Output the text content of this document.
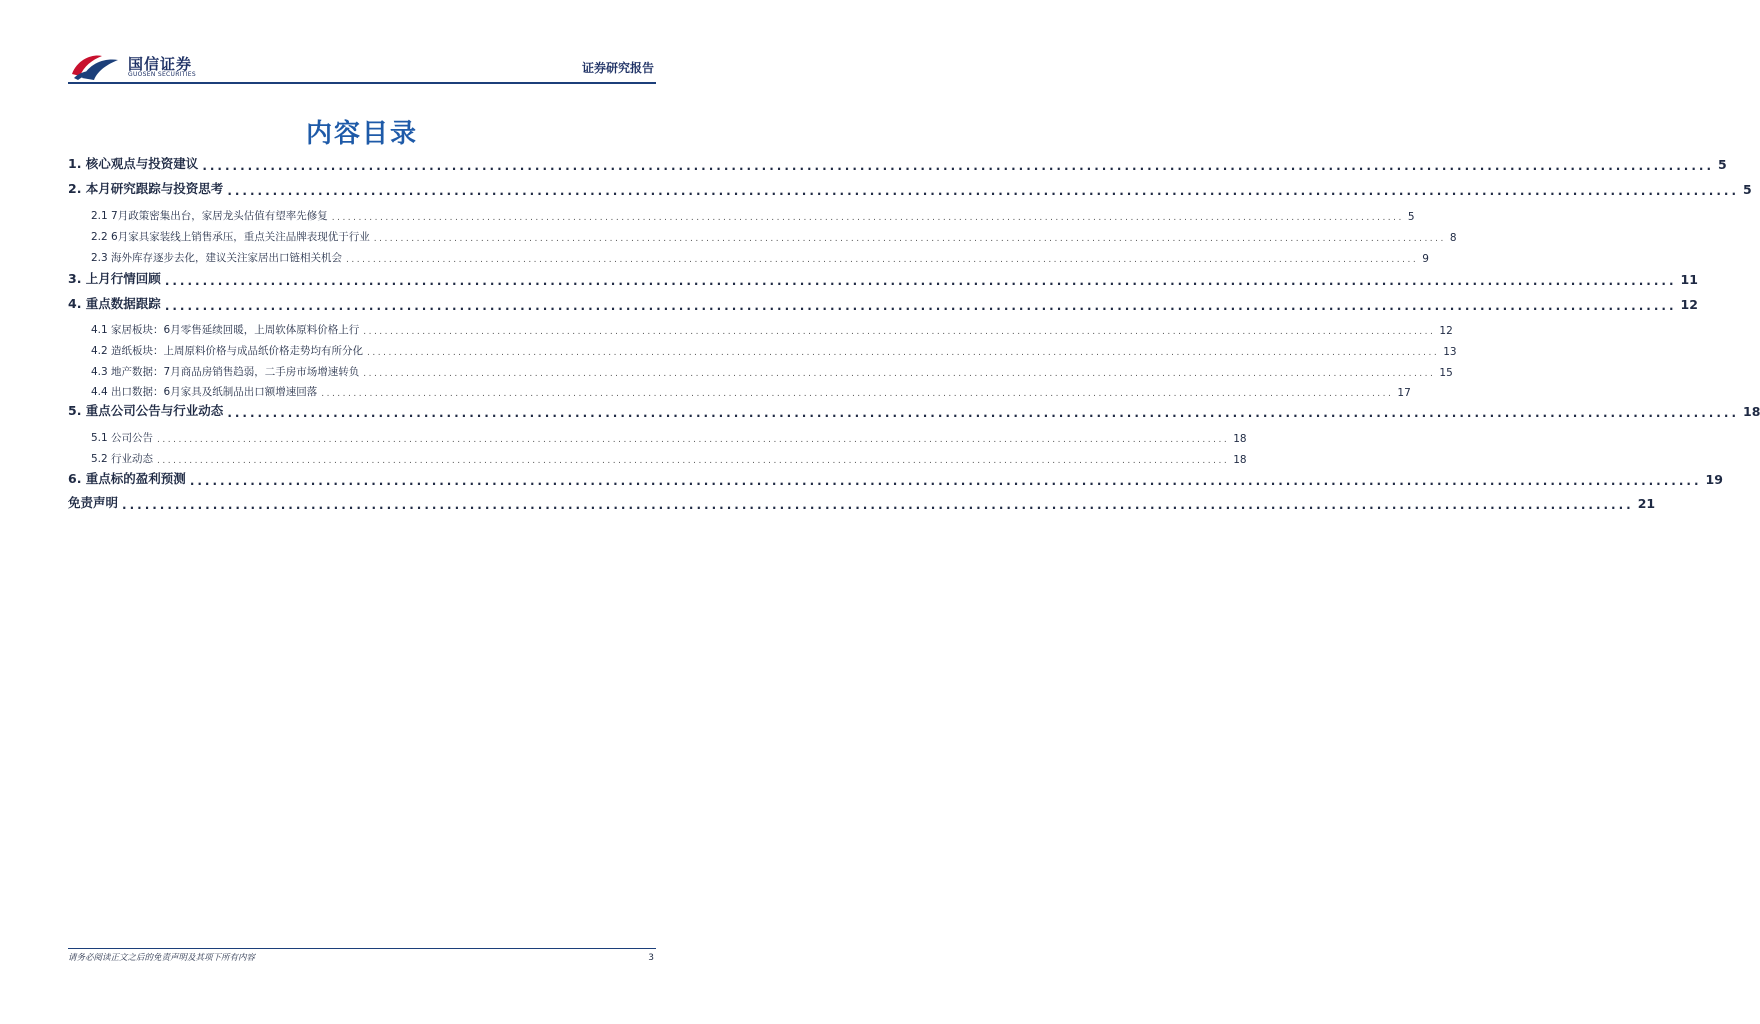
国信证券
GUOSEN SECURITIES	证券研究报告
内容目录
1. 核心观点与投资建议 ........................................................................................................................................................................................................ 5
2. 本月研究跟踪与投资思考 ........................................................................................................................................................................................................ 5
2.1 7月政策密集出台，家居龙头估值有望率先修复 ........................................................................................................................................................................................................ 5
2.2 6月家具家装线上销售承压，重点关注品牌表现优于行业 ........................................................................................................................................................................................................ 8
2.3 海外库存逐步去化，建议关注家居出口链相关机会 ........................................................................................................................................................................................................ 9
3. 上月行情回顾 ........................................................................................................................................................................................................ 11
4. 重点数据跟踪 ........................................................................................................................................................................................................ 12
4.1 家居板块：6月零售延续回暖，上周软体原料价格上行 ........................................................................................................................................................................................................ 12
4.2 造纸板块：上周原料价格与成品纸价格走势均有所分化 ........................................................................................................................................................................................................ 13
4.3 地产数据：7月商品房销售趋弱，二手房市场增速转负 ........................................................................................................................................................................................................ 15
4.4 出口数据：6月家具及纸制品出口额增速回落 ........................................................................................................................................................................................................ 17
5. 重点公司公告与行业动态 ........................................................................................................................................................................................................ 18
5.1 公司公告 ........................................................................................................................................................................................................ 18
5.2 行业动态 ........................................................................................................................................................................................................ 18
6. 重点标的盈利预测 ........................................................................................................................................................................................................ 19
免责声明 ........................................................................................................................................................................................................ 21
请务必阅读正文之后的免责声明及其项下所有内容	3
